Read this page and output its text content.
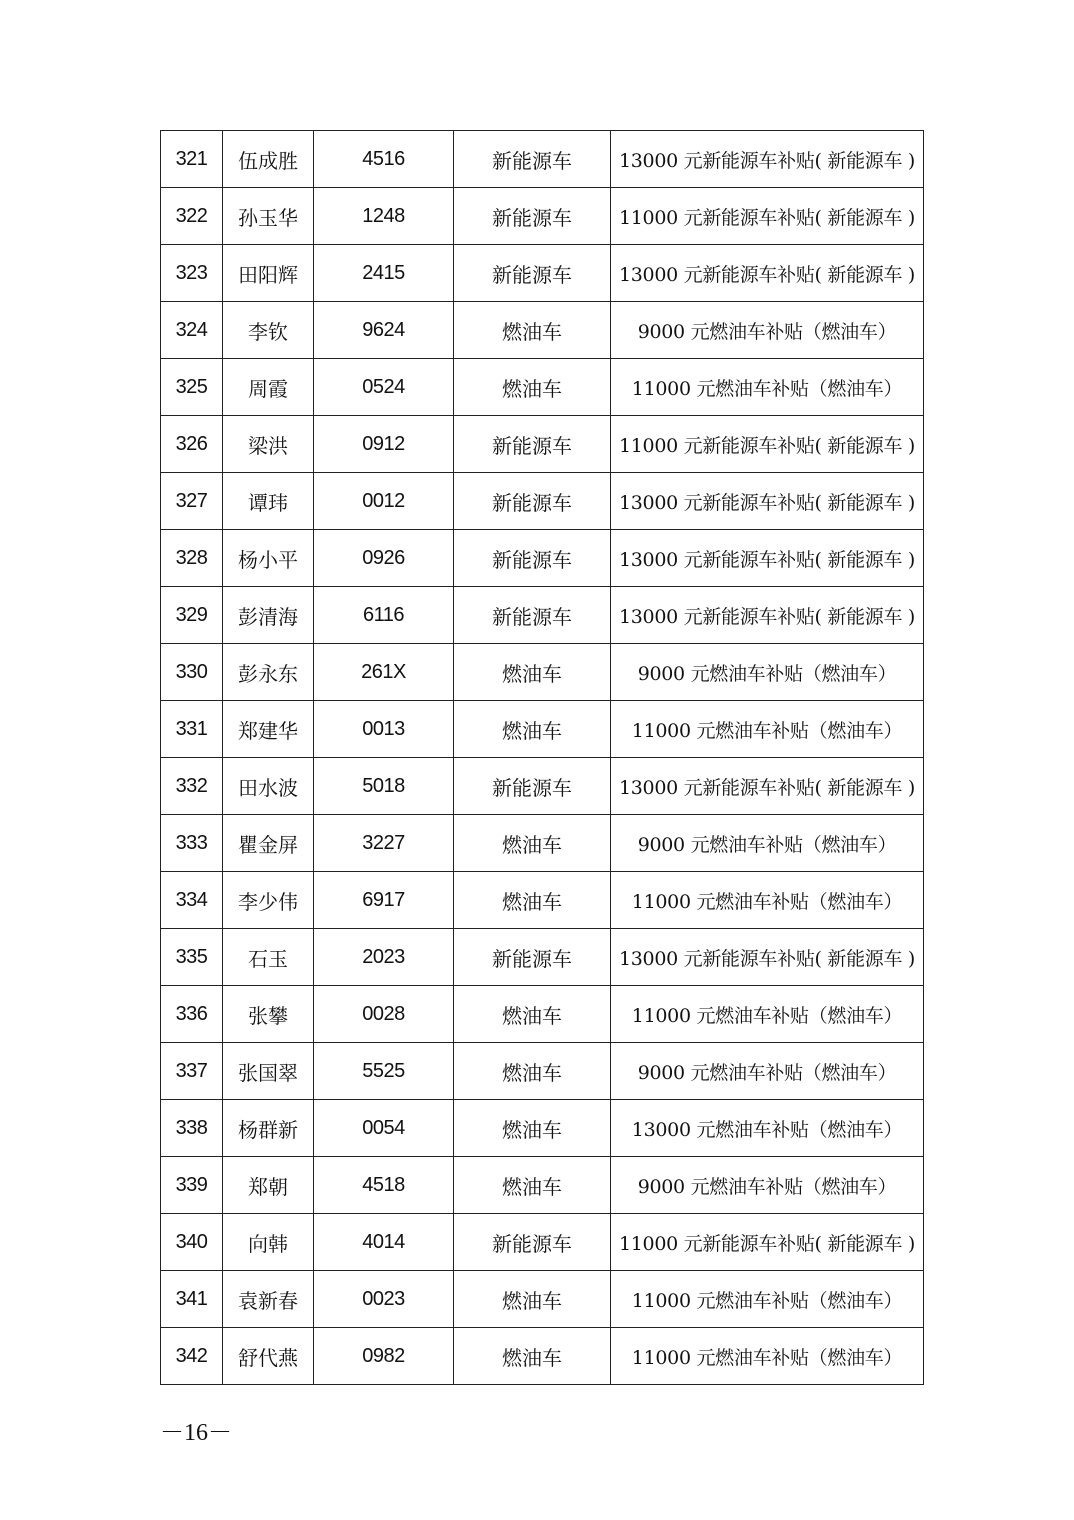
321	伍成胜	4516	新能源车	13000 元新能源车补贴( 新能源车 )
322	孙玉华	1248	新能源车	11000 元新能源车补贴( 新能源车 )
323	田阳辉	2415	新能源车	13000 元新能源车补贴( 新能源车 )
324	李钦	9624	燃油车	9000 元燃油车补贴（燃油车）
325	周霞	0524	燃油车	11000 元燃油车补贴（燃油车）
326	梁洪	0912	新能源车	11000 元新能源车补贴( 新能源车 )
327	谭玮	0012	新能源车	13000 元新能源车补贴( 新能源车 )
328	杨小平	0926	新能源车	13000 元新能源车补贴( 新能源车 )
329	彭清海	6116	新能源车	13000 元新能源车补贴( 新能源车 )
330	彭永东	261X	燃油车	9000 元燃油车补贴（燃油车）
331	郑建华	0013	燃油车	11000 元燃油车补贴（燃油车）
332	田水波	5018	新能源车	13000 元新能源车补贴( 新能源车 )
333	瞿金屏	3227	燃油车	9000 元燃油车补贴（燃油车）
334	李少伟	6917	燃油车	11000 元燃油车补贴（燃油车）
335	石玉	2023	新能源车	13000 元新能源车补贴( 新能源车 )
336	张攀	0028	燃油车	11000 元燃油车补贴（燃油车）
337	张国翠	5525	燃油车	9000 元燃油车补贴（燃油车）
338	杨群新	0054	燃油车	13000 元燃油车补贴（燃油车）
339	郑朝	4518	燃油车	9000 元燃油车补贴（燃油车）
340	向韩	4014	新能源车	11000 元新能源车补贴( 新能源车 )
341	袁新春	0023	燃油车	11000 元燃油车补贴（燃油车）
342	舒代燕	0982	燃油车	11000 元燃油车补贴（燃油车）
－16－
